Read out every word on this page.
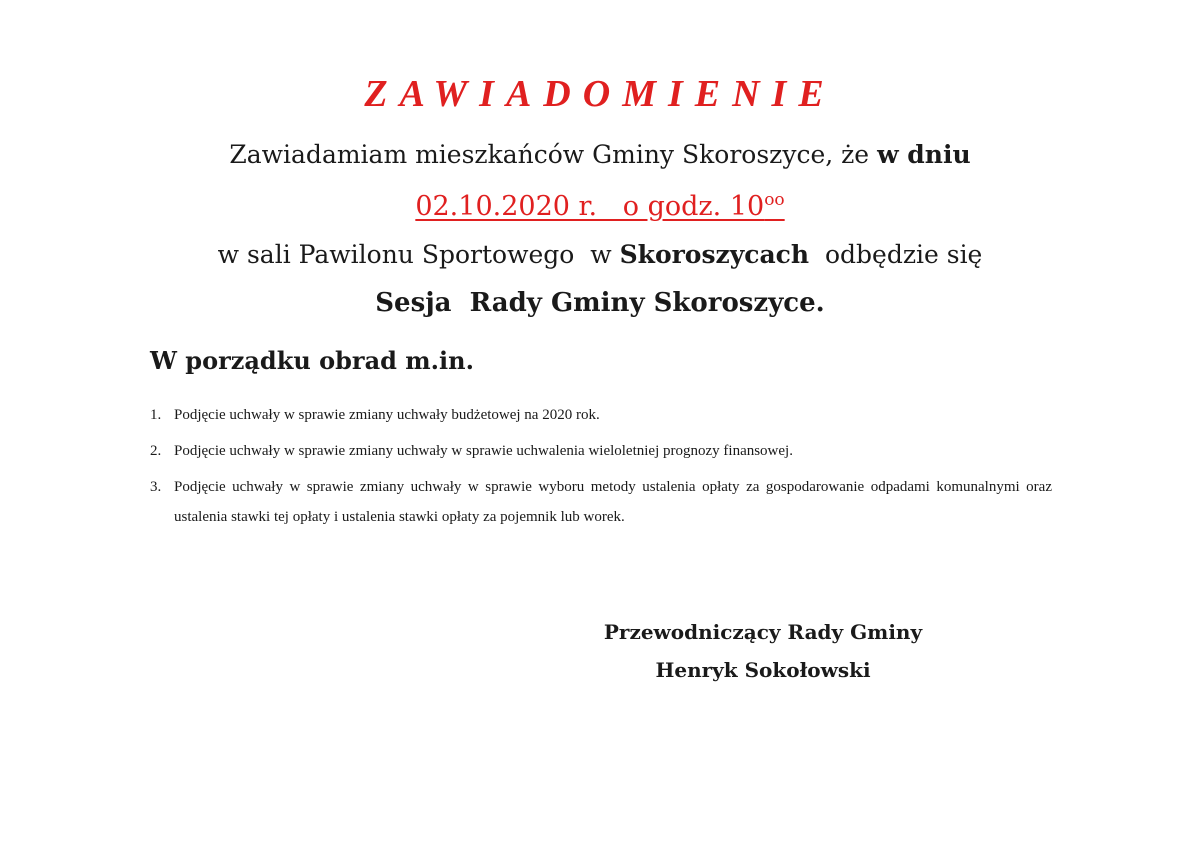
ZAWIADOMIENIE
Zawiadamiam mieszkańców Gminy Skoroszyce, że w dniu
02.10.2020 r.   o godz. $10^{oo}$
w sali Pawilonu Sportowego  w Skoroszycach  odbędzie się
Sesja  Rady Gminy Skoroszyce.
W porządku obrad m.in.
1. Podjęcie uchwały w sprawie zmiany uchwały budżetowej na 2020 rok.
2. Podjęcie uchwały w sprawie zmiany uchwały w sprawie uchwalenia wieloletniej prognozy finansowej.
3. Podjęcie uchwały w sprawie zmiany uchwały w sprawie wyboru metody ustalenia opłaty za gospodarowanie odpadami komunalnymi oraz ustalenia stawki tej opłaty i ustalenia stawki opłaty za pojemnik lub worek.
Przewodniczący Rady Gminy
Henryk Sokołowski
